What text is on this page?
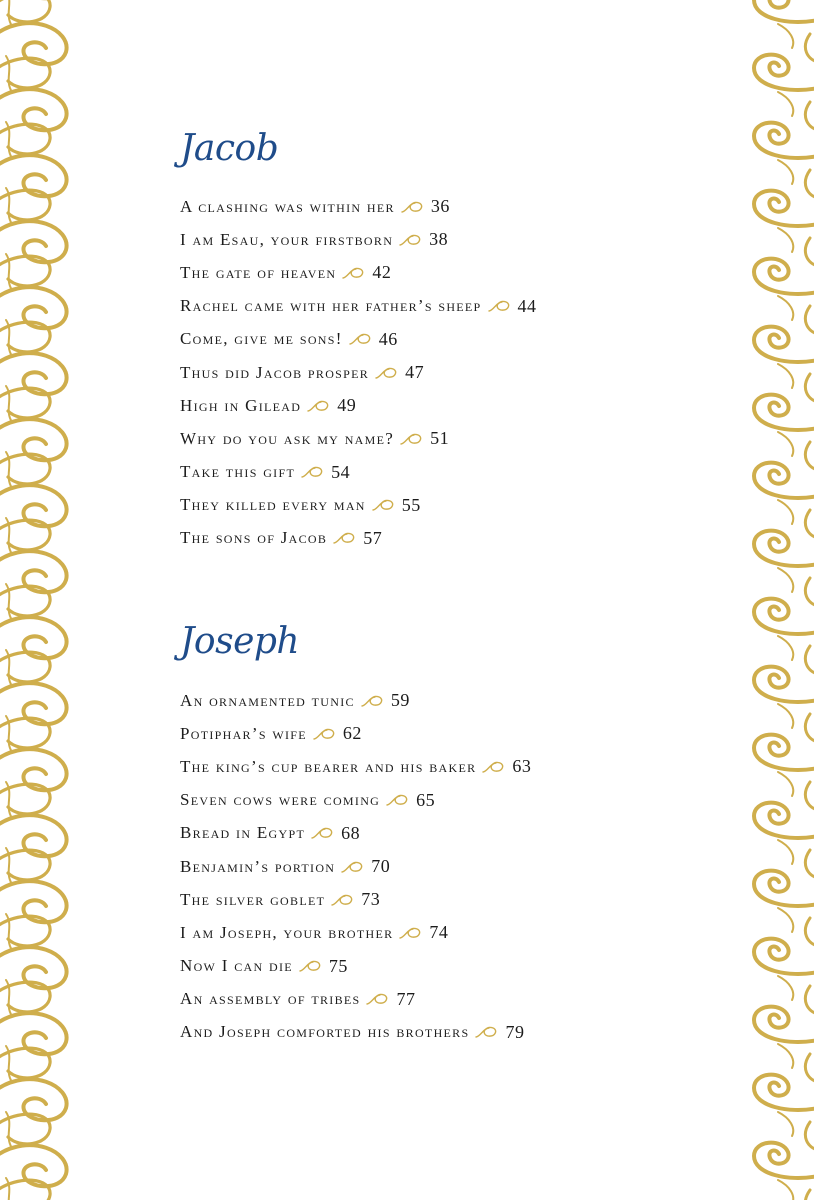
Jacob
A clashing was within her 36
I am Esau, your firstborn 38
The gate of heaven 42
Rachel came with her father’s sheep 44
Come, give me sons! 46
Thus did Jacob prosper 47
High in Gilead 49
Why do you ask my name? 51
Take this gift 54
They killed every man 55
The sons of Jacob 57
Joseph
An ornamented tunic 59
Potiphar’s wife 62
The king’s cup bearer and his baker 63
Seven cows were coming 65
Bread in Egypt 68
Benjamin’s portion 70
The silver goblet 73
I am Joseph, your brother 74
Now I can die 75
An assembly of tribes 77
And Joseph comforted his brothers 79
